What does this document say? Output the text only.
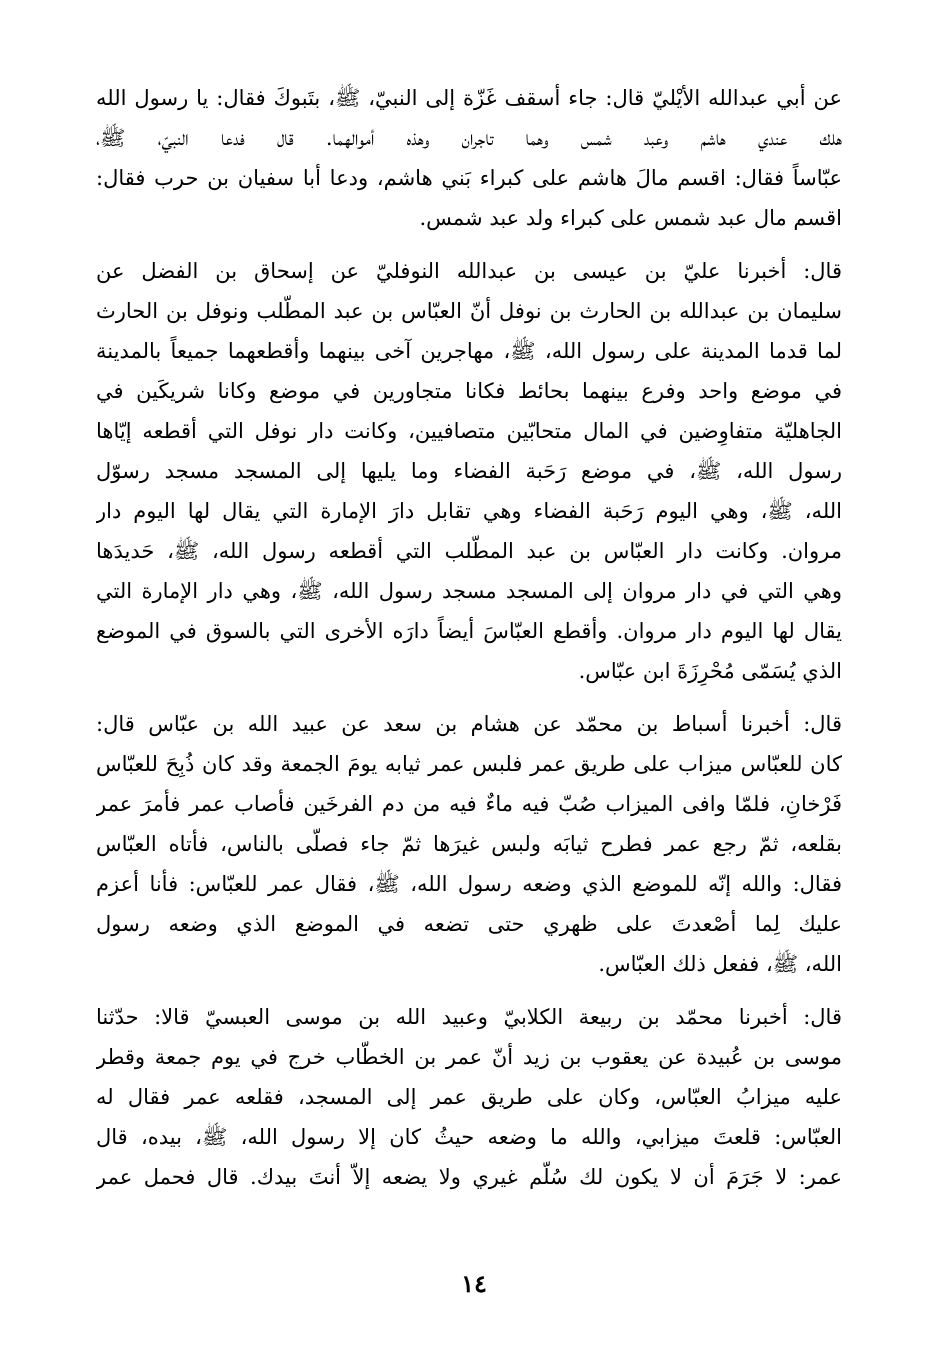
عن أبي عبدالله الأيْليّ قال: جاء أسقف غَزّة إلى النبيّ، ﷺ، بتَبوكَ فقال: يا رسول الله
هلك عندي هاشم وعبد شمس وهما تاجران وهذه أموالهما. قال فدعا النبيّ، ﷺ،
عبّاساً فقال: اقسم مالَ هاشم على كبراء بَني هاشم، ودعا أبا سفيان بن حرب فقال:
اقسم مال عبد شمس على كبراء ولد عبد شمس.

قال: أخبرنا عليّ بن عيسى بن عبدالله النوفليّ عن إسحاق بن الفضل عن
سليمان بن عبدالله بن الحارث بن نوفل أنّ العبّاس بن عبد المطّلب ونوفل بن الحارث
لما قدما المدينة على رسول الله، ﷺ، مهاجرين آخى بينهما وأقطعهما جميعاً بالمدينة
في موضع واحد وفرع بينهما بحائط فكانا متجاورين في موضع وكانا شريكَين في
الجاهليّة متفاوِضين في المال متحابّين متصافيين، وكانت دار نوفل التي أقطعه إيّاها
رسول الله، ﷺ، في موضع رَحَبة الفضاء وما يليها إلى المسجد مسجد رسوّل
الله، ﷺ، وهي اليوم رَحَبة الفضاء وهي تقابل دارَ الإمارة التي يقال لها اليوم دار
مروان. وكانت دار العبّاس بن عبد المطّلب التي أقطعه رسول الله، ﷺ، حَديدَها
وهي التي في دار مروان إلى المسجد مسجد رسول الله، ﷺ، وهي دار الإمارة التي
يقال لها اليوم دار مروان. وأقطع العبّاسَ أيضاً دارَه الأخرى التي بالسوق في الموضع
الذي يُسَمّى مُحْرِزَةَ ابن عبّاس.

قال: أخبرنا أسباط بن محمّد عن هشام بن سعد عن عبيد الله بن عبّاس قال:
كان للعبّاس ميزاب على طريق عمر فلبس عمر ثيابه يومَ الجمعة وقد كان ذُبِحَ للعبّاس
فَرْخانِ، فلمّا وافى الميزاب صُبّ فيه ماءٌ فيه من دم الفرخَين فأصاب عمر فأمرَ عمر
بقلعه، ثمّ رجع عمر فطرح ثيابَه ولبس غيرَها ثمّ جاء فصلّى بالناس، فأتاه العبّاس
فقال: والله إنّه للموضع الذي وضعه رسول الله، ﷺ، فقال عمر للعبّاس: فأنا أعزم
عليك لِما أصْعدتَ على ظهري حتى تضعه في الموضع الذي وضعه رسول
الله، ﷺ، ففعل ذلك العبّاس.

قال: أخبرنا محمّد بن ربيعة الكلابيّ وعبيد الله بن موسى العبسيّ قالا: حدّثنا
موسى بن عُبيدة عن يعقوب بن زيد أنّ عمر بن الخطّاب خرج في يوم جمعة وقطر
عليه ميزابُ العبّاس، وكان على طريق عمر إلى المسجد، فقلعه عمر فقال له
العبّاس: قلعتَ ميزابي، والله ما وضعه حيثُ كان إلا رسول الله، ﷺ، بيده، قال
عمر: لا جَرَمَ أن لا يكون لك سُلّم غيري ولا يضعه إلاّ أنتَ بيدك. قال فحمل عمر

١٤
